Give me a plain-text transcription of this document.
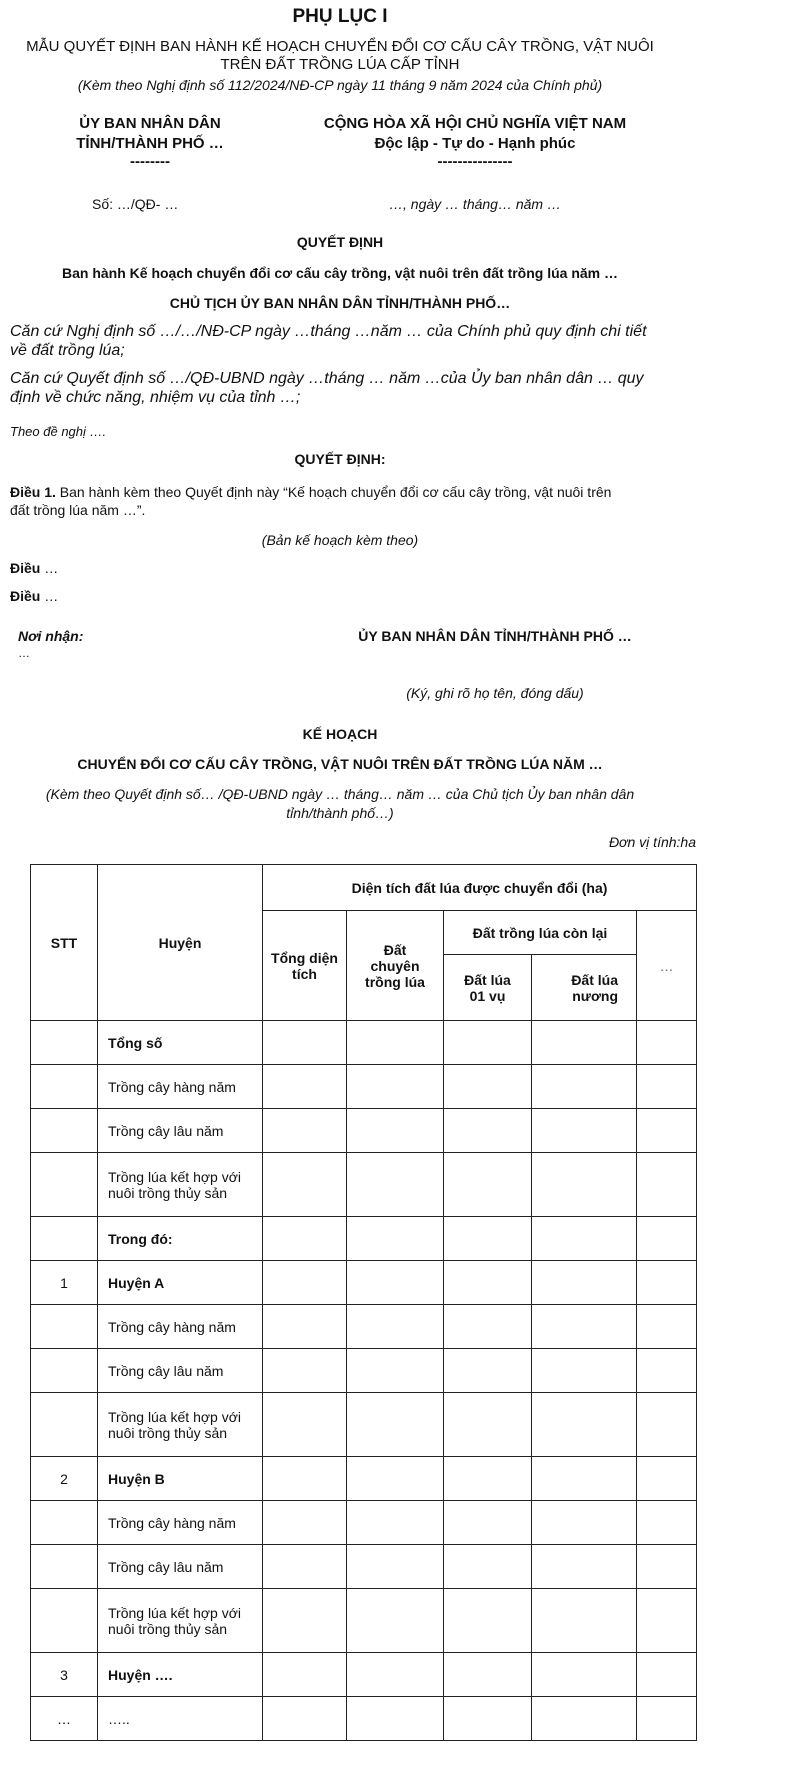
PHỤ LỤC I
MẪU QUYẾT ĐỊNH BAN HÀNH KẾ HOẠCH CHUYỂN ĐỔI CƠ CẤU CÂY TRỒNG, VẬT NUÔI
TRÊN ĐẤT TRỒNG LÚA CẤP TỈNH
(Kèm theo Nghị định số 112/2024/NĐ-CP ngày 11 tháng 9 năm 2024 của Chính phủ)
ỦY BAN NHÂN DÂN
TỈNH/THÀNH PHỐ …
--------
Số: …/QĐ- …
CỘNG HÒA XÃ HỘI CHỦ NGHĨA VIỆT NAM
Độc lập - Tự do - Hạnh phúc
---------------
…, ngày … tháng… năm …
QUYẾT ĐỊNH
Ban hành Kế hoạch chuyển đổi cơ cấu cây trồng, vật nuôi trên đất trồng lúa năm …
CHỦ TỊCH ỦY BAN NHÂN DÂN TỈNH/THÀNH PHỐ…
Căn cứ Nghị định số …/…/NĐ-CP ngày …tháng …năm … của Chính phủ quy định chi tiết
về đất trồng lúa;
Căn cứ Quyết định số …/QĐ-UBND ngày …tháng … năm …của Ủy ban nhân dân … quy
định về chức năng, nhiệm vụ của tỉnh …;
Theo đề nghị ….
QUYẾT ĐỊNH:
Điều 1. Ban hành kèm theo Quyết định này “Kế hoạch chuyển đổi cơ cấu cây trồng, vật nuôi trên
đất trồng lúa năm …”.
(Bản kế hoạch kèm theo)
Điều …
Điều …
Nơi nhận:
…
ỦY BAN NHÂN DÂN TỈNH/THÀNH PHỐ …
(Ký, ghi rõ họ tên, đóng dấu)
KẾ HOẠCH
CHUYỂN ĐỔI CƠ CẤU CÂY TRỒNG, VẬT NUÔI TRÊN ĐẤT TRỒNG LÚA NĂM …
(Kèm theo Quyết định số… /QĐ-UBND ngày … tháng… năm … của Chủ tịch Ủy ban nhân dân
tỉnh/thành phố…)
Đơn vị tính:ha
STT	Huyện	Diện tích đất lúa được chuyển đổi (ha)				
		Tổng diện tích	Đất chuyên trồng lúa	Đất trồng lúa còn lại		…
				Đất lúa 01 vụ	Đất lúa nương	
	Tổng số					
	Trồng cây hàng năm					
	Trồng cây lâu năm					
	Trồng lúa kết hợp với nuôi trồng thủy sản					
	Trong đó:					
1	Huyện A					
	Trồng cây hàng năm					
	Trồng cây lâu năm					
	Trồng lúa kết hợp với nuôi trồng thủy sản					
2	Huyện B					
	Trồng cây hàng năm					
	Trồng cây lâu năm					
	Trồng lúa kết hợp với nuôi trồng thủy sản					
3	Huyện ….					
…	…..					
